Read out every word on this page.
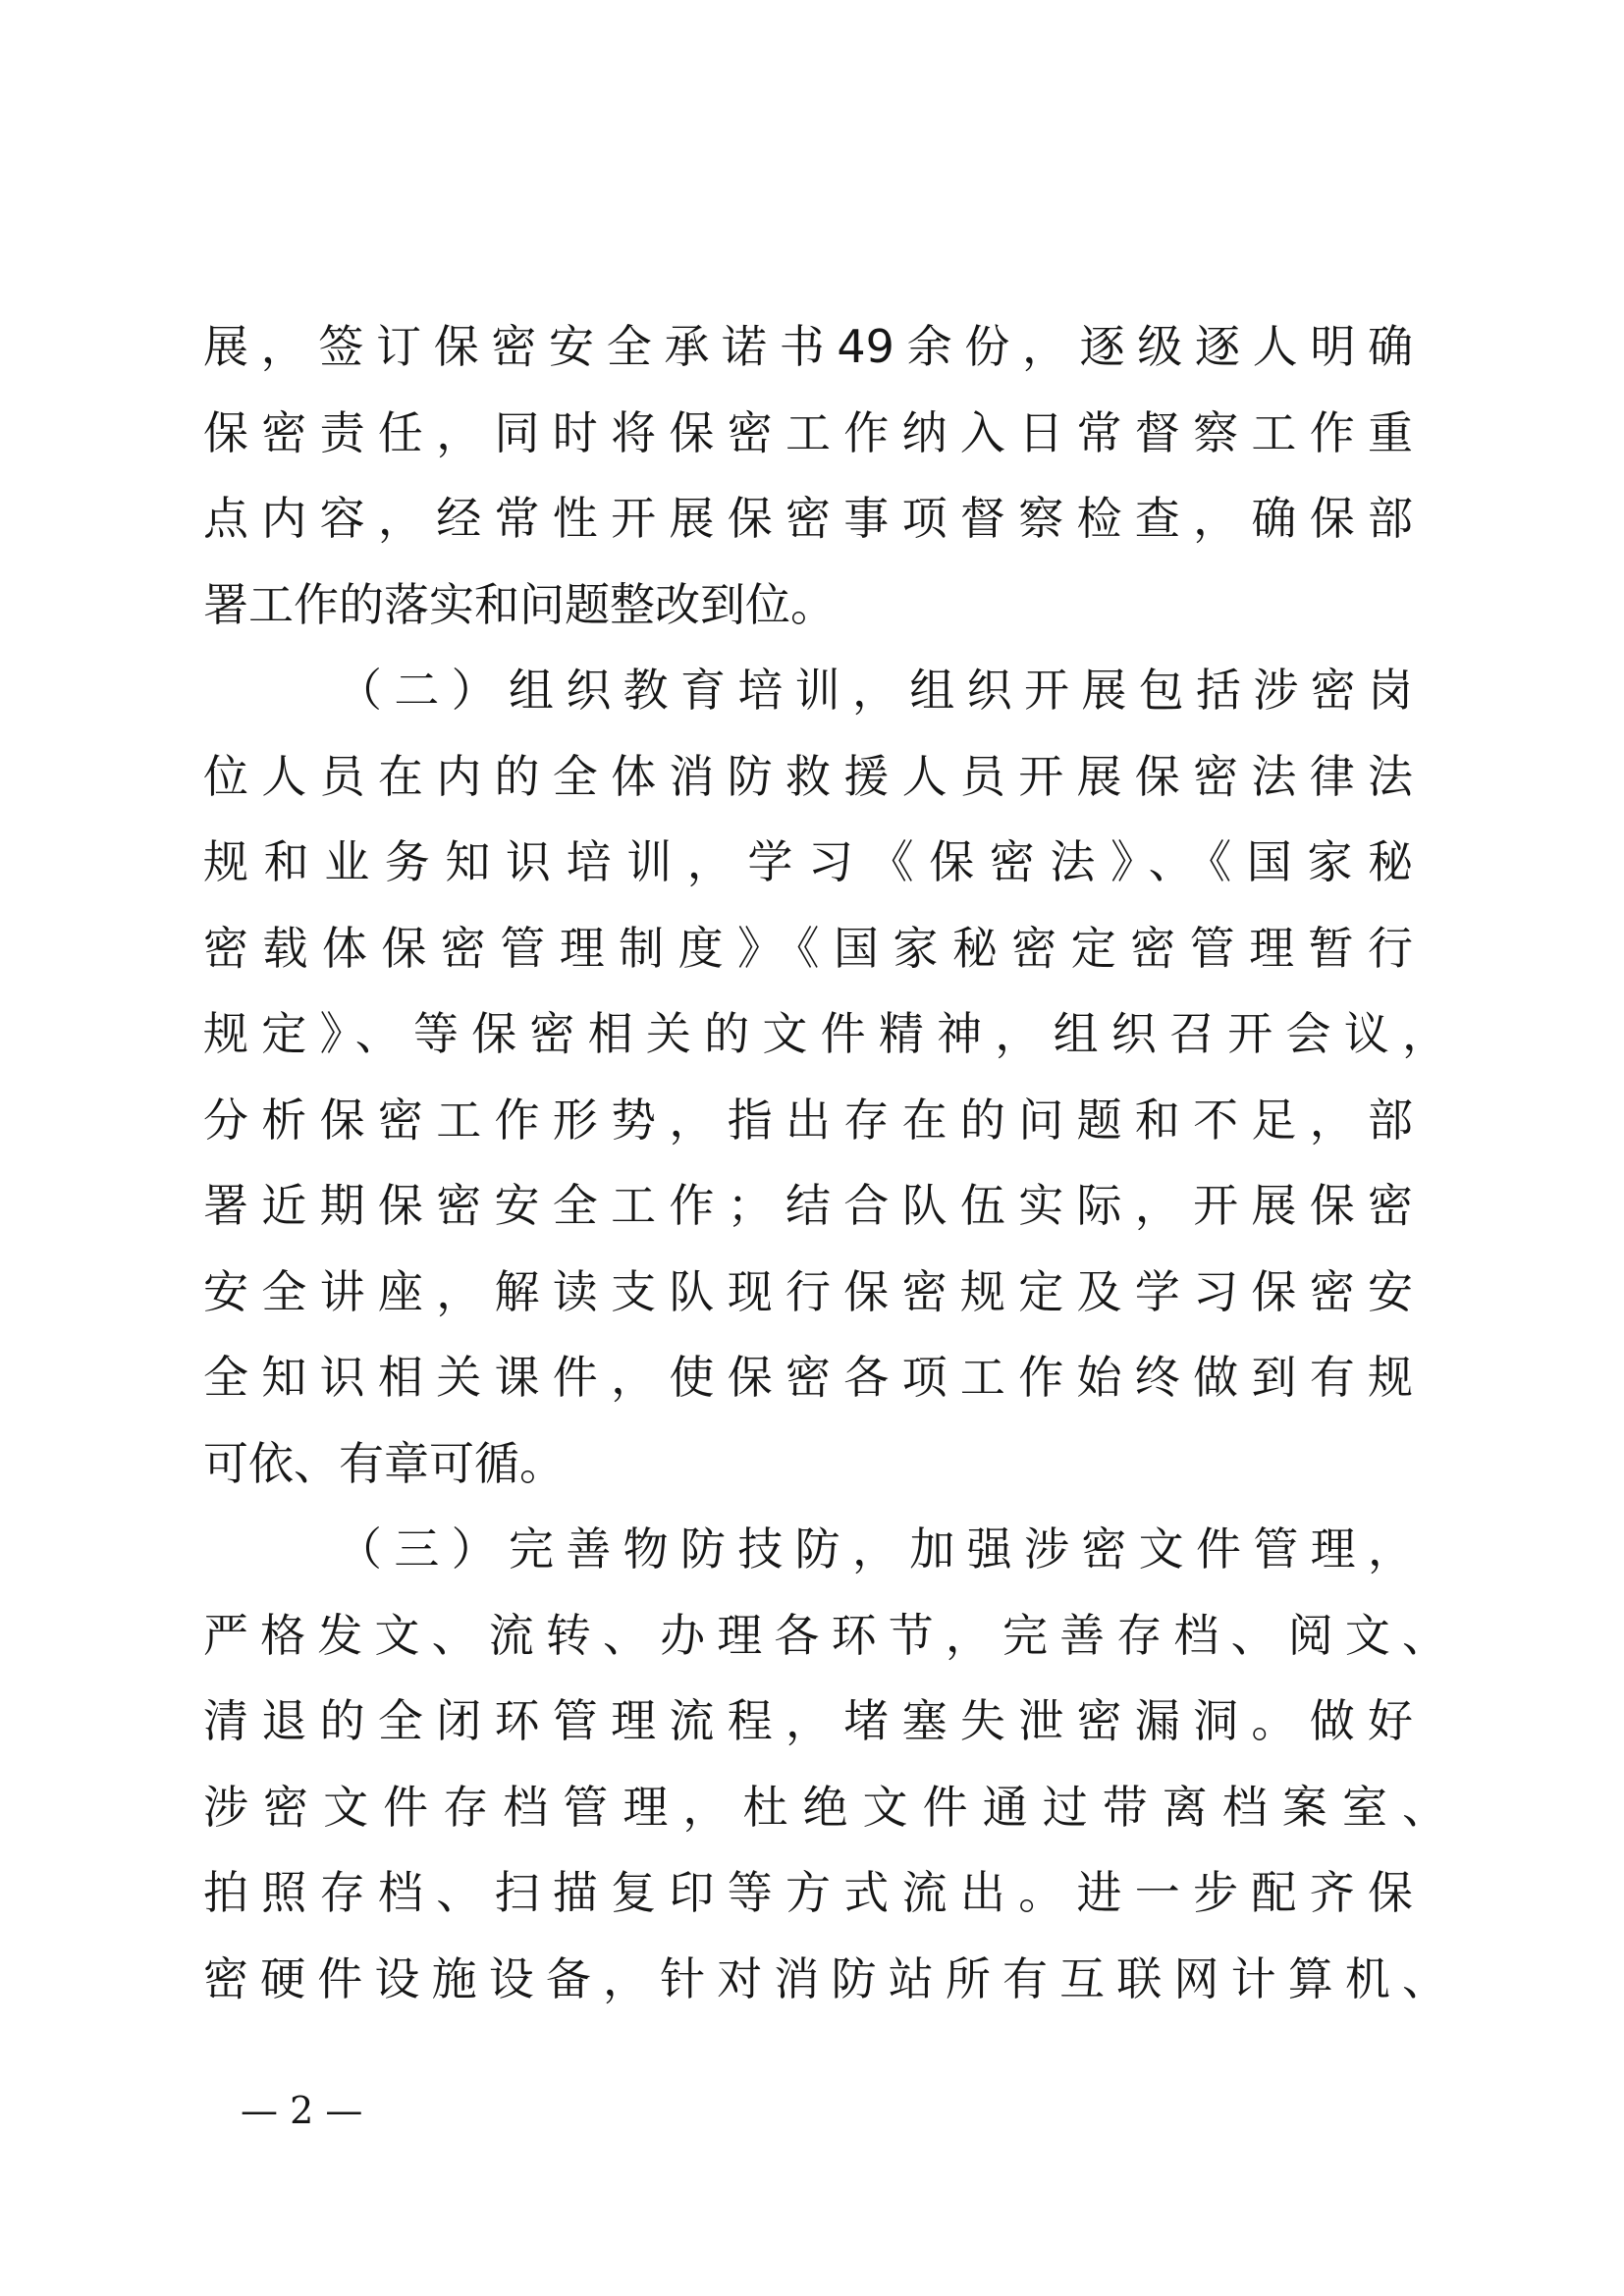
展，签订保密安全承诺书49余份，逐级逐人明确
保密责任，同时将保密工作纳入日常督察工作重
点内容，经常性开展保密事项督察检查，确保部
署工作的落实和问题整改到位。
（二）组织教育培训，组织开展包括涉密岗
位人员在内的全体消防救援人员开展保密法律法
规和业务知识培训，学习《保密法》、《国家秘
密载体保密管理制度》《国家秘密定密管理暂行
规定》、等保密相关的文件精神，组织召开会议，
分析保密工作形势，指出存在的问题和不足，部
署近期保密安全工作；结合队伍实际，开展保密
安全讲座，解读支队现行保密规定及学习保密安
全知识相关课件，使保密各项工作始终做到有规
可依、有章可循。
（三）完善物防技防，加强涉密文件管理，
严格发文、流转、办理各环节，完善存档、阅文、
清退的全闭环管理流程，堵塞失泄密漏洞。做好
涉密文件存档管理，杜绝文件通过带离档案室、
拍照存档、扫描复印等方式流出。进一步配齐保
密硬件设施设备，针对消防站所有互联网计算机、
— 2 —
